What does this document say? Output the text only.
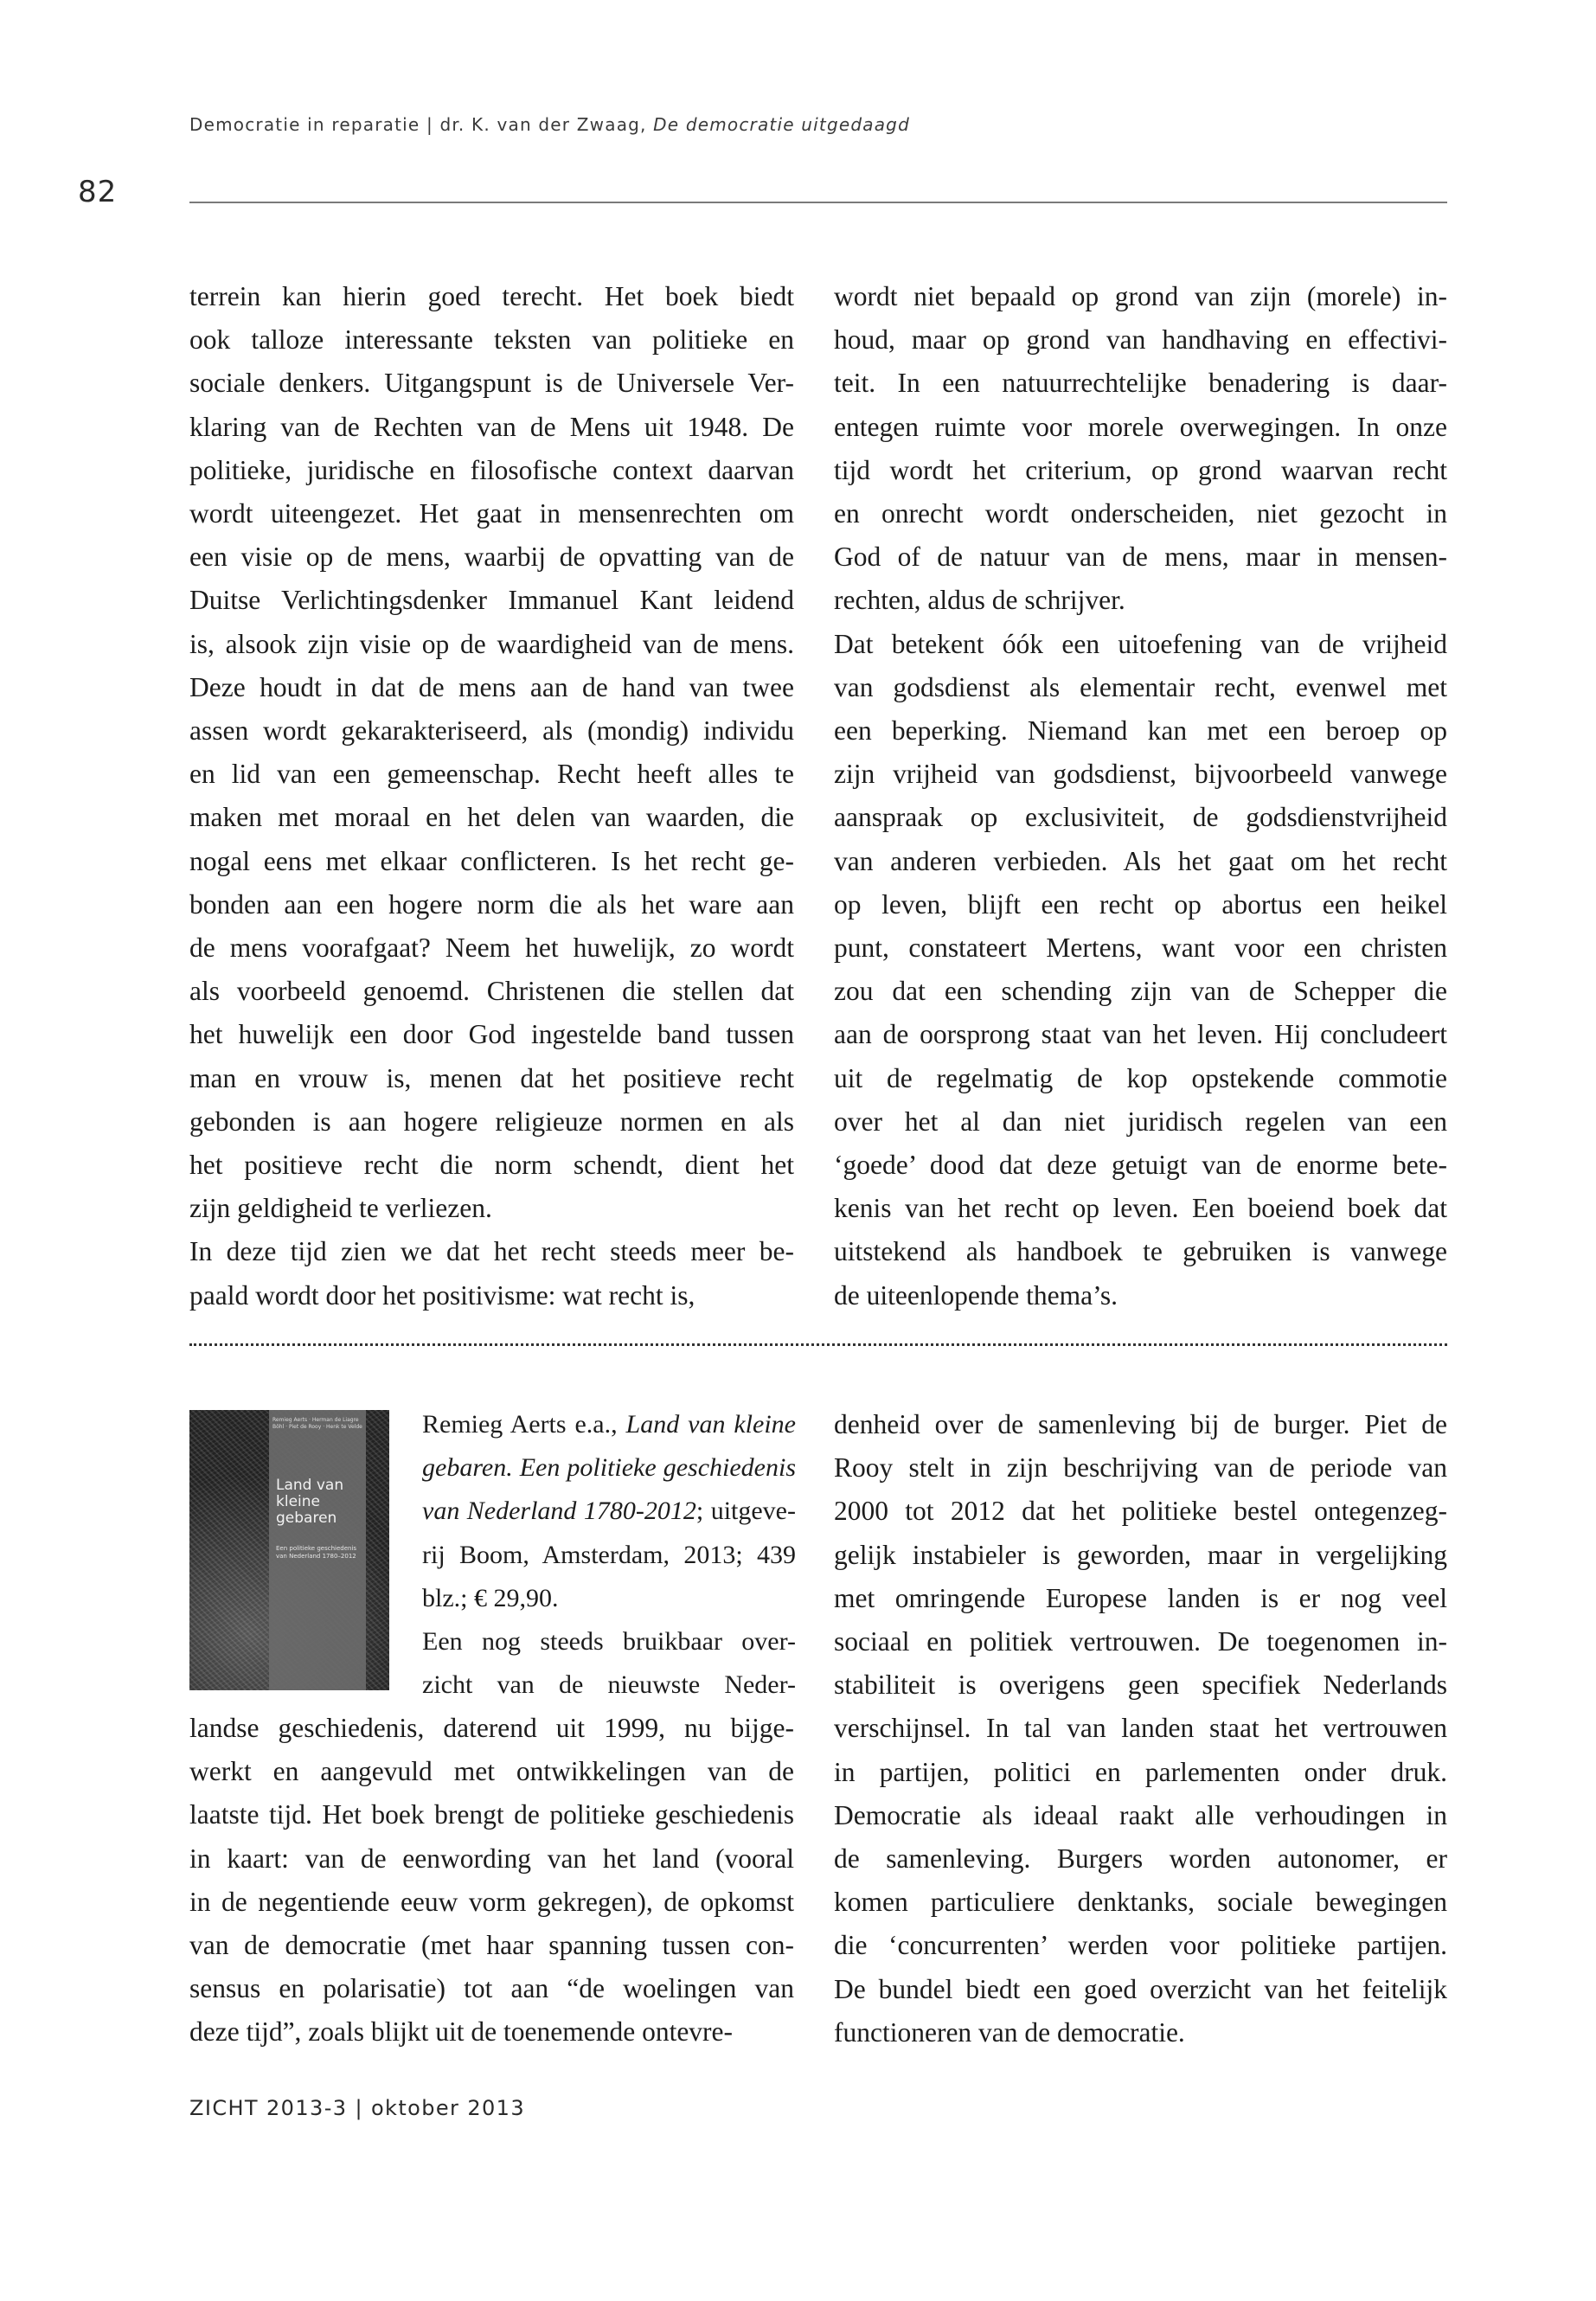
Democratie in reparatie | dr. K. van der Zwaag, De democratie uitgedaagd
82
terrein kan hierin goed terecht. Het boek biedt
ook talloze interessante teksten van politieke en
sociale denkers. Uitgangspunt is de Universele Ver-
klaring van de Rechten van de Mens uit 1948. De
politieke, juridische en filosofische context daarvan
wordt uiteengezet. Het gaat in mensenrechten om
een visie op de mens, waarbij de opvatting van de
Duitse Verlichtingsdenker Immanuel Kant leidend
is, alsook zijn visie op de waardigheid van de mens.
Deze houdt in dat de mens aan de hand van twee
assen wordt gekarakteriseerd, als (mondig) individu
en lid van een gemeenschap. Recht heeft alles te
maken met moraal en het delen van waarden, die
nogal eens met elkaar conflicteren. Is het recht ge-
bonden aan een hogere norm die als het ware aan
de mens voorafgaat? Neem het huwelijk, zo wordt
als voorbeeld genoemd. Christenen die stellen dat
het huwelijk een door God ingestelde band tussen
man en vrouw is, menen dat het positieve recht
gebonden is aan hogere religieuze normen en als
het positieve recht die norm schendt, dient het
zijn geldigheid te verliezen.
In deze tijd zien we dat het recht steeds meer be-
paald wordt door het positivisme: wat recht is,
wordt niet bepaald op grond van zijn (morele) in-
houd, maar op grond van handhaving en effectivi-
teit. In een natuurrechtelijke benadering is daar-
entegen ruimte voor morele overwegingen. In onze
tijd wordt het criterium, op grond waarvan recht
en onrecht wordt onderscheiden, niet gezocht in
God of de natuur van de mens, maar in mensen-
rechten, aldus de schrijver.
Dat betekent óók een uitoefening van de vrijheid
van godsdienst als elementair recht, evenwel met
een beperking. Niemand kan met een beroep op
zijn vrijheid van godsdienst, bijvoorbeeld vanwege
aanspraak op exclusiviteit, de godsdienstvrijheid
van anderen verbieden. Als het gaat om het recht
op leven, blijft een recht op abortus een heikel
punt, constateert Mertens, want voor een christen
zou dat een schending zijn van de Schepper die
aan de oorsprong staat van het leven. Hij concludeert
uit de regelmatig de kop opstekende commotie
over het al dan niet juridisch regelen van een
‘goede’ dood dat deze getuigt van de enorme bete-
kenis van het recht op leven. Een boeiend boek dat
uitstekend als handboek te gebruiken is vanwege
de uiteenlopende thema’s.
Remieg Aerts · Herman de Liagre Böhl · Piet de Rooy · Henk te Velde
Land van kleine gebaren
Een politieke geschiedenis van Nederland 1780–2012
Remieg Aerts e.a., Land van kleine
gebaren. Een politieke geschiedenis
van Nederland 1780-2012; uitgeve-
rij Boom, Amsterdam, 2013; 439
blz.; € 29,90.
Een nog steeds bruikbaar over-
zicht van de nieuwste Neder-
landse geschiedenis, daterend uit 1999, nu bijge-
werkt en aangevuld met ontwikkelingen van de
laatste tijd. Het boek brengt de politieke geschiedenis
in kaart: van de eenwording van het land (vooral
in de negentiende eeuw vorm gekregen), de opkomst
van de democratie (met haar spanning tussen con-
sensus en polarisatie) tot aan “de woelingen van
deze tijd”, zoals blijkt uit de toenemende ontevre-
denheid over de samenleving bij de burger. Piet de
Rooy stelt in zijn beschrijving van de periode van
2000 tot 2012 dat het politieke bestel ontegenzeg-
gelijk instabieler is geworden, maar in vergelijking
met omringende Europese landen is er nog veel
sociaal en politiek vertrouwen. De toegenomen in-
stabiliteit is overigens geen specifiek Nederlands
verschijnsel. In tal van landen staat het vertrouwen
in partijen, politici en parlementen onder druk.
Democratie als ideaal raakt alle verhoudingen in
de samenleving. Burgers worden autonomer, er
komen particuliere denktanks, sociale bewegingen
die ‘concurrenten’ werden voor politieke partijen.
De bundel biedt een goed overzicht van het feitelijk
functioneren van de democratie.
ZICHT 2013-3 | oktober 2013
